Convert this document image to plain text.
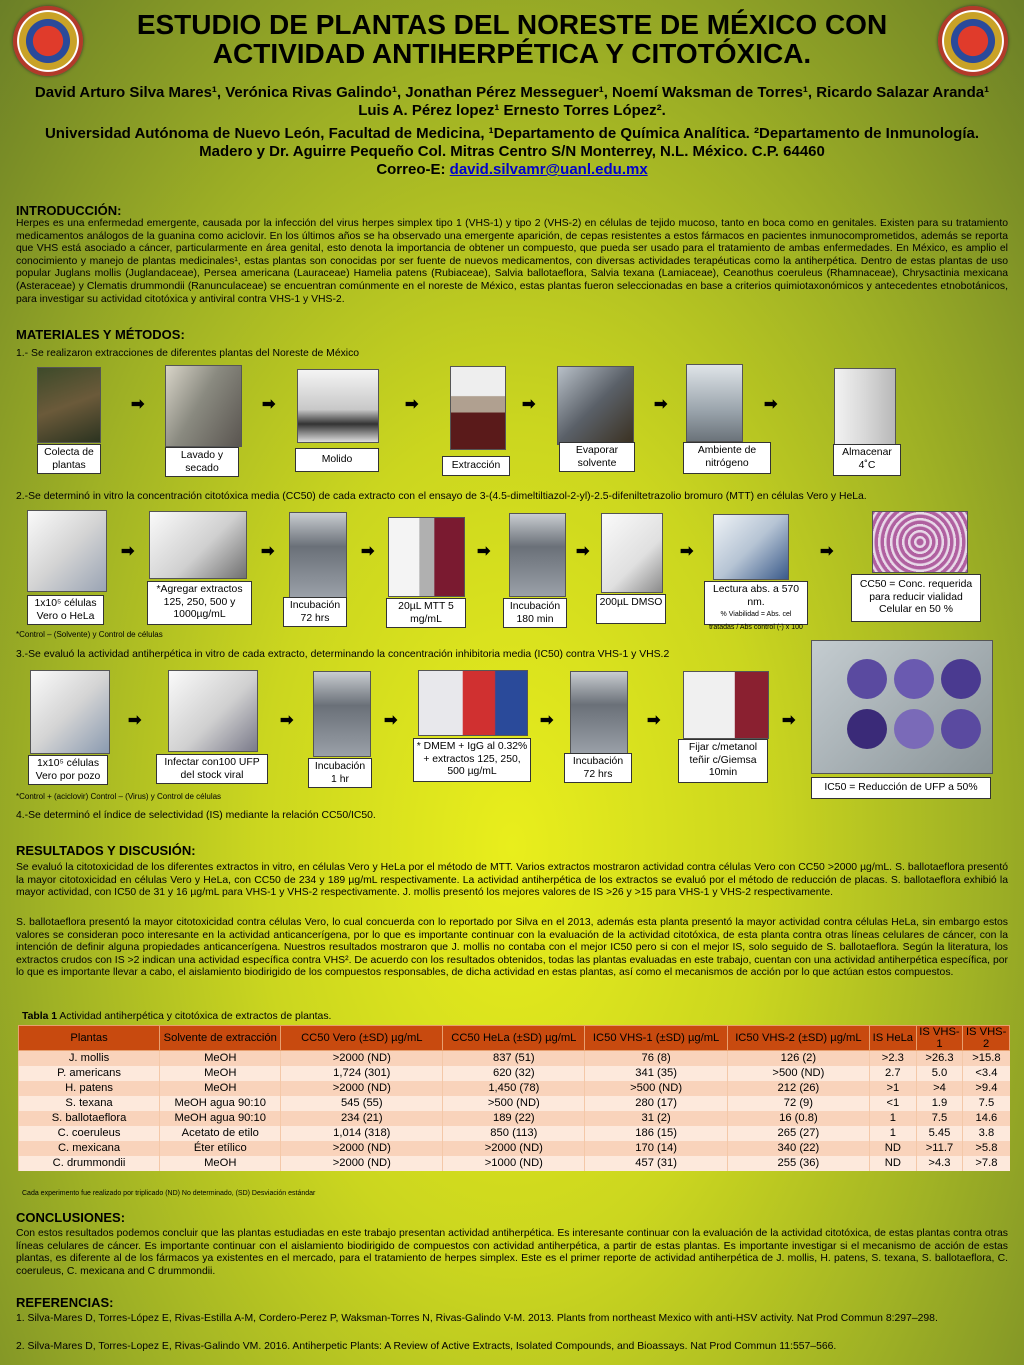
ESTUDIO DE PLANTAS DEL NORESTE DE MÉXICO CON ACTIVIDAD ANTIHERPÉTICA Y CITOTÓXICA.
David Arturo Silva Mares¹, Verónica Rivas Galindo¹, Jonathan Pérez Messeguer¹, Noemí Waksman de Torres¹, Ricardo Salazar Aranda¹
Luis A. Pérez lopez¹ Ernesto Torres López².
Universidad Autónoma de Nuevo León, Facultad de Medicina, ¹Departamento de Química Analítica. ²Departamento de Inmunología.
Madero y Dr. Aguirre Pequeño Col. Mitras Centro S/N Monterrey, N.L. México. C.P. 64460
Correo-E: david.silvamr@uanl.edu.mx
INTRODUCCIÓN:
Herpes es una enfermedad emergente, causada por la infección del virus herpes simplex tipo 1 (VHS-1) y tipo 2 (VHS-2) en células de tejido mucoso, tanto en boca como en genitales. Existen para su tratamiento medicamentos análogos de la guanina como aciclovir. En los últimos años se ha observado una emergente aparición, de cepas resistentes a estos fármacos en pacientes inmunocomprometidos, además se reporta que VHS está asociado a cáncer, particularmente en área genital, esto denota la importancia de obtener un compuesto, que pueda ser usado para el tratamiento de ambas enfermedades. En México, es amplio el conocimiento y manejo de plantas medicinales¹, estas plantas son conocidas por ser fuente de nuevos medicamentos, con diversas actividades terapéuticas como la antiherpética. Dentro de estas plantas de uso popular Juglans mollis (Juglandaceae), Persea americana (Lauraceae) Hamelia patens (Rubiaceae), Salvia ballotaeflora, Salvia texana (Lamiaceae), Ceanothus coeruleus (Rhamnaceae), Chrysactinia mexicana (Asteraceae) y Clematis drummondii (Ranunculaceae) se encuentran comúnmente en el noreste de México, estas plantas fueron seleccionadas en base a criterios quimiotaxonómicos y antecedentes etnobotánicos, para investigar su actividad citotóxica y antiviral contra VHS-1 y VHS-2.
MATERIALES Y MÉTODOS:
1.- Se realizaron extracciones de diferentes plantas del Noreste de México
➡	➡	➡	➡	➡	➡
Colecta de plantas
Lavado y secado
Molido
Extracción
Evaporar solvente
Ambiente de nitrógeno
Almacenar 4˚C
2.-Se determinó in vitro la concentración citotóxica media (CC50) de cada extracto con el ensayo de 3-(4.5-dimeltiltiazol-2-yl)-2.5-difeniltetrazolio bromuro (MTT) en células Vero y HeLa.
➡	➡	➡	➡	➡	➡	➡
1x10⁵ células Vero o HeLa
*Agregar extractos 125, 250, 500 y 1000µg/mL
Incubación 72 hrs
20µL MTT 5 mg/mL
Incubación 180 min
200µL DMSO
Lectura abs. a 570 nm.
% Viabilidad = Abs. cel tratadas / Abs control (-) x 100
CC50 = Conc. requerida para reducir vialidad Celular en 50 %
*Control – (Solvente) y Control de células
3.-Se evaluó la actividad antiherpética in vitro de cada extracto, determinando la concentración inhibitoria media (IC50) contra VHS-1 y VHS.2
➡	➡	➡	➡	➡	➡
1x10⁵ células Vero por pozo
Infectar con100 UFP del stock viral
Incubación 1 hr
* DMEM + IgG al 0.32% + extractos 125, 250, 500 µg/mL
Incubación 72 hrs
Fijar c/metanol teñir c/Giemsa 10min
IC50 = Reducción de UFP a 50%
*Control + (aciclovir) Control – (Virus) y Control de células
4.-Se determinó el índice de selectividad (IS) mediante la relación CC50/IC50.
RESULTADOS Y DISCUSIÓN:
Se evaluó la citotoxicidad de los diferentes extractos in vitro, en células Vero y HeLa por el método de MTT. Varios extractos mostraron actividad contra células Vero con CC50 >2000 µg/mL. S. ballotaeflora presentó la mayor citotoxicidad en células Vero y HeLa, con CC50 de 234 y 189 µg/mL respectivamente. La actividad antiherpética de los extractos se evaluó por el método de reducción de placas. S. ballotaeflora exhibió la mayor actividad, con IC50 de 31 y 16 µg/mL para VHS-1 y VHS-2 respectivamente. J. mollis presentó los mejores valores de IS >26 y >15 para VHS-1 y VHS-2 respectivamente.
S. ballotaeflora presentó la mayor citotoxicidad contra células Vero, lo cual concuerda con lo reportado por Silva en el 2013, además esta planta presentó la mayor actividad contra células HeLa, sin embargo estos valores se consideran poco interesante en la actividad anticancerígena, por lo que es importante continuar con la evaluación de la actividad citotóxica, de esta planta contra otras líneas celulares de cáncer, con la intención de definir alguna propiedades anticancerígena. Nuestros resultados mostraron que J. mollis no contaba con el mejor IC50 pero si con el mejor IS, solo seguido de S. ballotaeflora. Según la literatura, los extractos crudos con IS >2 indican una actividad específica contra VHS². De acuerdo con los resultados obtenidos, todas las plantas evaluadas en este trabajo, cuentan con una actividad antiherpética específica, por lo que es importante llevar a cabo, el aislamiento biodirigido de los compuestos responsables, de dicha actividad en estas plantas, así como el mecanismos de acción por lo que actúan estos compuestos.
Tabla 1 Actividad antiherpética y citotóxica de extractos de plantas.
Plantas	Solvente de extracción	CC50 Vero (±SD) µg/mL	CC50 HeLa (±SD) µg/mL	IC50 VHS-1 (±SD) µg/mL	IC50 VHS-2 (±SD) µg/mL	IS HeLa	IS VHS-1	IS VHS-2
J. mollis	MeOH	>2000 (ND)	837 (51)	76 (8)	126 (2)	>2.3	>26.3	>15.8
P. americans	MeOH	1,724 (301)	620 (32)	341 (35)	>500 (ND)	2.7	5.0	<3.4
H. patens	MeOH	>2000 (ND)	1,450 (78)	>500 (ND)	212 (26)	>1	>4	>9.4
S. texana	MeOH agua 90:10	545 (55)	>500 (ND)	280 (17)	72 (9)	<1	1.9	7.5
S. ballotaeflora	MeOH agua 90:10	234 (21)	189 (22)	31 (2)	16 (0.8)	1	7.5	14.6
C. coeruleus	Acetato de etilo	1,014 (318)	850 (113)	186 (15)	265 (27)	1	5.45	3.8
C. mexicana	Éter etílico	>2000 (ND)	>2000 (ND)	170 (14)	340 (22)	ND	>11.7	>5.8
C. drummondii	MeOH	>2000 (ND)	>1000 (ND)	457 (31)	255 (36)	ND	>4.3	>7.8
Cada experimento fue realizado por triplicado (ND) No determinado, (SD) Desviación estándar
CONCLUSIONES:
Con estos resultados podemos concluir que las plantas estudiadas en este trabajo presentan actividad antiherpética. Es interesante continuar con la evaluación de la actividad citotóxica, de estas plantas contra otras líneas celulares de cáncer. Es importante continuar con el aislamiento biodirigido de compuestos con actividad antiherpética, a partir de estas plantas. Es importante investigar si el mecanismo de acción de estas plantas, es diferente al de los fármacos ya existentes en el mercado, para el tratamiento de herpes simplex. Este es el primer reporte de actividad antiherpética de J. mollis, H. patens, S. texana, S. ballotaeflora, C. coeruleus, C. mexicana and C drummondii.
REFERENCIAS:
1. Silva-Mares D, Torres-López E, Rivas-Estilla A-M, Cordero-Perez P, Waksman-Torres N, Rivas-Galindo V-M. 2013. Plants from northeast Mexico with anti-HSV activity. Nat Prod Commun 8:297–298.
2. Silva-Mares D, Torres-Lopez E, Rivas-Galindo VM. 2016. Antiherpetic Plants: A Review of Active Extracts, Isolated Compounds, and Bioassays. Nat Prod Commun 11:557–566.
